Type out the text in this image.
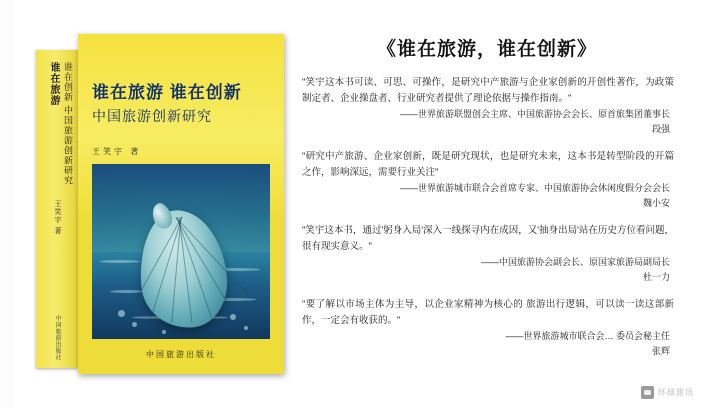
谁在旅游 谁在创新 中国旅游创新研究
王笑宇 著
中国旅游出版社
谁在旅游 谁在创新
中国旅游创新研究
王笑宇 著
中国旅游出版社
《谁在旅游，谁在创新》
"笑宇这本书可读、可思、可操作，是研究中产旅游与企业家创新的开创性著作，为政策制定者、企业操盘者、行业研究者提供了理论依据与操作指南。"
——世界旅游联盟创会主席、中国旅游协会会长、原首旅集团董事长
段强
"研究中产旅游、企业家创新，既是研究现状，也是研究未来，这本书是转型阶段的开篇之作，影响深远，需要行业关注"
——世界旅游城市联合会首席专家、中国旅游协会休闲度假分会会长
魏小安
"笑宇这本书，通过'躬身入局'深入一线探寻内在成因，又'抽身出局'站在历史方位看问题，很有现实意义。"
——中国旅游协会副会长、原国家旅游局副局长
杜一力
"要了解以市场主体为主导，以企业家精神为核心的 旅游出行逻辑，可以读一读这部新作，一定会有收获的。"
——世界旅游城市联合会… 委员会秘主任
张辉
环球旅讯
